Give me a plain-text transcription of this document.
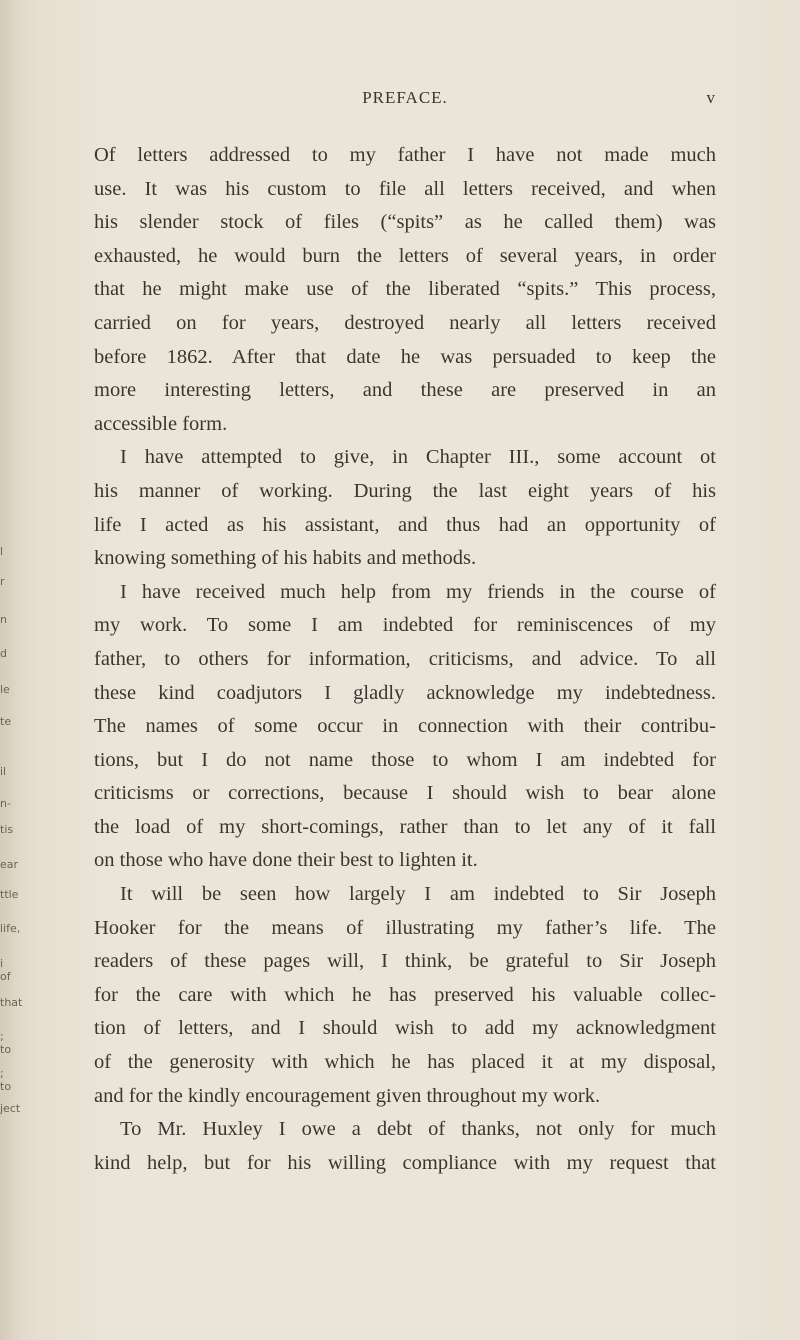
PREFACE.	v
Of letters addressed to my father I have not made much
use. It was his custom to file all letters received, and when
his slender stock of files (“spits” as he called them) was
exhausted, he would burn the letters of several years, in order
that he might make use of the liberated “spits.” This process,
carried on for years, destroyed nearly all letters received
before 1862. After that date he was persuaded to keep the
more interesting letters, and these are preserved in an
accessible form.
I have attempted to give, in Chapter III., some account ot
his manner of working. During the last eight years of his
life I acted as his assistant, and thus had an opportunity of
knowing something of his habits and methods.
I have received much help from my friends in the course of
my work. To some I am indebted for reminiscences of my
father, to others for information, criticisms, and advice. To all
these kind coadjutors I gladly acknowledge my indebtedness.
The names of some occur in connection with their contribu-
tions, but I do not name those to whom I am indebted for
criticisms or corrections, because I should wish to bear alone
the load of my short-comings, rather than to let any of it fall
on those who have done their best to lighten it.
It will be seen how largely I am indebted to Sir Joseph
Hooker for the means of illustrating my father’s life. The
readers of these pages will, I think, be grateful to Sir Joseph
for the care with which he has preserved his valuable collec-
tion of letters, and I should wish to add my acknowledgment
of the generosity with which he has placed it at my disposal,
and for the kindly encouragement given throughout my work.
To Mr. Huxley I owe a debt of thanks, not only for much
kind help, but for his willing compliance with my request that
l
r
n
d
le
te
il
n-
tis
ear
ttle
life,
i of
that
; to
; to
ject
